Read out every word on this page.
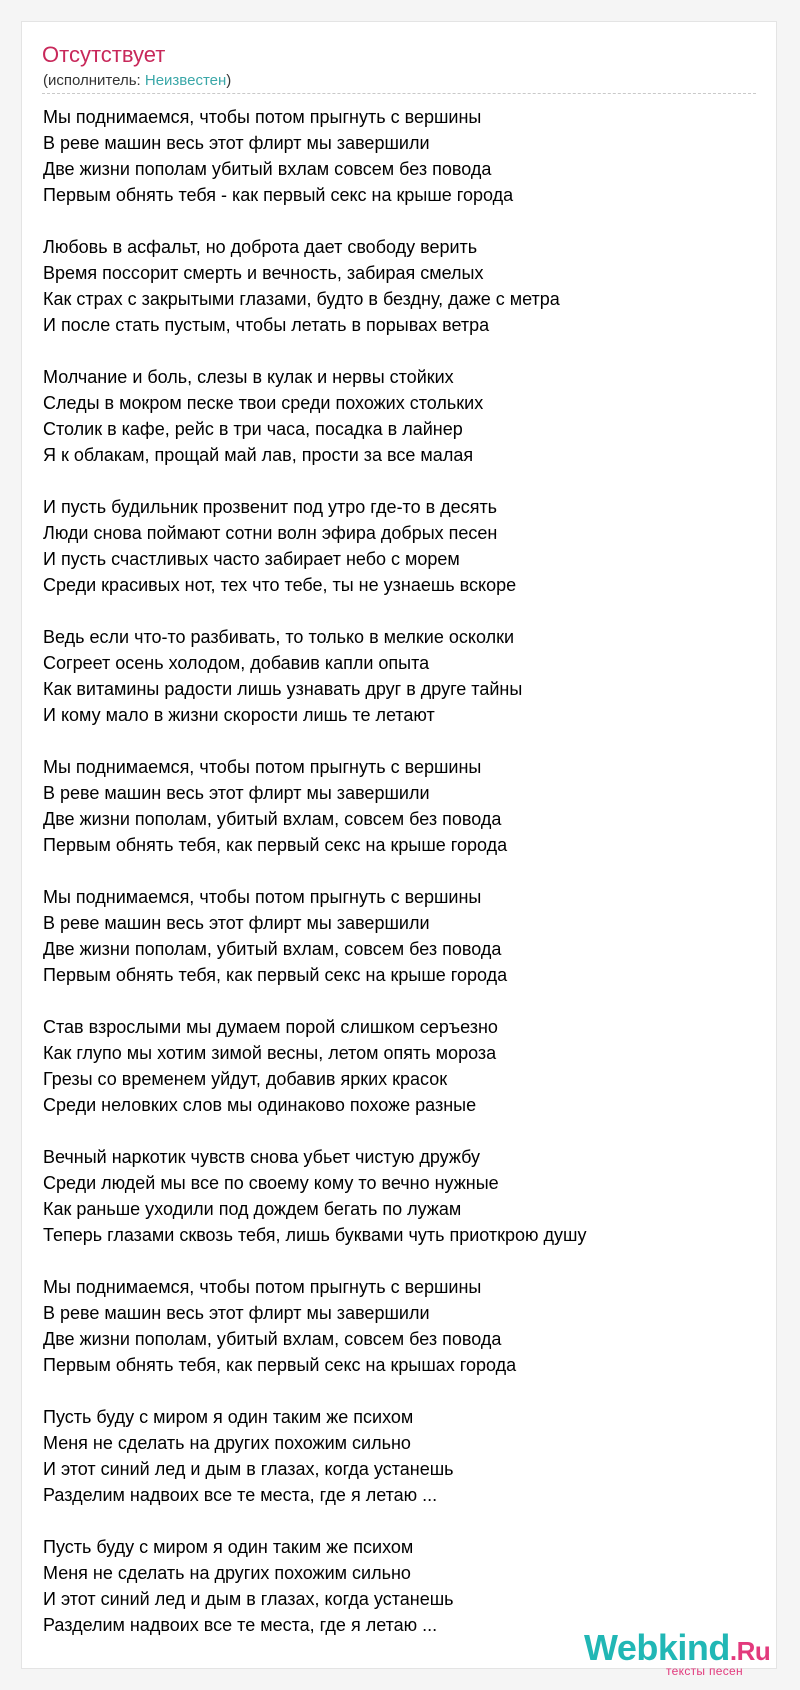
Отсутствует
(исполнитель: Неизвестен)
Мы поднимаемся, чтобы потом прыгнуть с вершины
В реве машин весь этот флирт мы завершили
Две жизни пополам убитый вхлам совсем без повода
Первым обнять тебя - как первый секс на крыше города
Любовь в асфальт, но доброта дает свободу верить
Время поссорит смерть и вечность, забирая смелых
Как страх с закрытыми глазами, будто в бездну, даже с метра
И после стать пустым, чтобы летать в порывах ветра
Молчание и боль, слезы в кулак и нервы стойких
Следы в мокром песке твои среди похожих стольких
Столик в кафе, рейс в три часа, посадка в лайнер
Я к облакам, прощай май лав, прости за все малая
И пусть будильник прозвенит под утро где-то в десять
Люди снова поймают сотни волн эфира добрых песен
И пусть счастливых часто забирает небо с морем
Среди красивых нот, тех что тебе, ты не узнаешь вскоре
Ведь если что-то разбивать, то только в мелкие осколки
Согреет осень холодом, добавив капли опыта
Как витамины радости лишь узнавать друг в друге тайны
И кому мало в жизни скорости лишь те летают
Мы поднимаемся, чтобы потом прыгнуть с вершины
В реве машин весь этот флирт мы завершили
Две жизни пополам, убитый вхлам, совсем без повода
Первым обнять тебя, как первый секс на крыше города
Мы поднимаемся, чтобы потом прыгнуть с вершины
В реве машин весь этот флирт мы завершили
Две жизни пополам, убитый вхлам, совсем без повода
Первым обнять тебя, как первый секс на крыше города
Став взрослыми мы думаем порой слишком серъезно
Как глупо мы хотим зимой весны, летом опять мороза
Грезы со временем уйдут, добавив ярких красок
Среди неловких слов мы одинаково похоже разные
Вечный наркотик чувств снова убьет чистую дружбу
Среди людей мы все по своему кому то вечно нужные
Как раньше уходили под дождем бегать по лужам
Теперь глазами сквозь тебя, лишь буквами чуть приоткрою душу
Мы поднимаемся, чтобы потом прыгнуть с вершины
В реве машин весь этот флирт мы завершили
Две жизни пополам, убитый вхлам, совсем без повода
Первым обнять тебя, как первый секс на крышах города
Пусть буду с миром я один таким же психом
Меня не сделать на других похожим сильно
И этот синий лед и дым в глазах, когда устанешь
Разделим надвоих все те места, где я летаю ...
Пусть буду с миром я один таким же психом
Меня не сделать на других похожим сильно
И этот синий лед и дым в глазах, когда устанешь
Разделим надвоих все те места, где я летаю ...
Webkind.Ru
тексты песен
